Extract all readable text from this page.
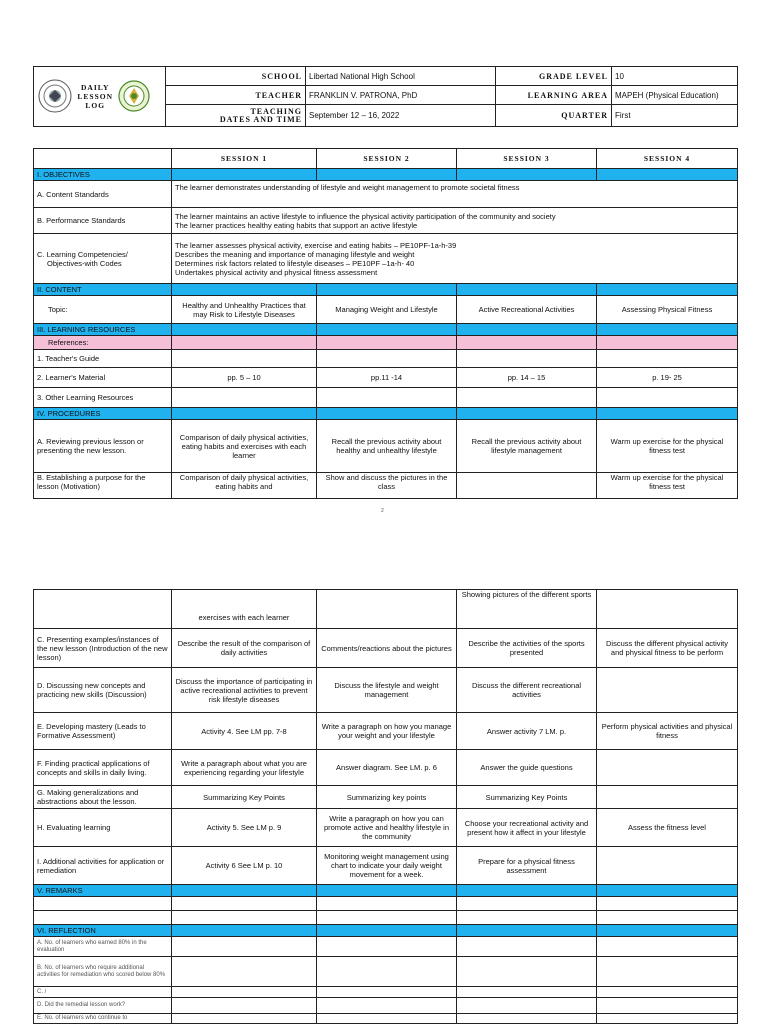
DAILY
LESSON
LOG	SCHOOL	Libertad National High School	GRADE LEVEL	10
	TEACHER	FRANKLIN V. PATRONA, PhD	LEARNING AREA	MAPEH (Physical Education)
	TEACHING
DATES AND TIME	September 12 – 16, 2022	QUARTER	First
	SESSION 1	SESSION 2	SESSION 3	SESSION 4
I. OBJECTIVES				
A. Content Standards	The learner demonstrates understanding of lifestyle and weight management to promote societal fitness			
B. Performance Standards	The learner maintains an active lifestyle to influence the physical activity participation of the community and society
The learner practices healthy eating habits that support an active lifestyle			
C. Learning Competencies/
Objectives-with Codes	The learner assesses physical activity, exercise and eating habits – PE10PF-1a-h-39
Describes the meaning and importance of managing lifestyle and weight
Determines risk factors related to lifestyle diseases – PE10PF –1a-h- 40
Undertakes physical activity and physical fitness assessment			
II. CONTENT				
Topic:	Healthy and Unhealthy Practices that may Risk to Lifestyle Diseases	Managing Weight and Lifestyle	Active Recreational Activities	Assessing Physical Fitness
III. LEARNING RESOURCES				
References:				
1. Teacher's Guide				
2. Learner's Material	pp. 5 – 10	pp.11 -14	pp. 14 – 15	p. 19- 25
3. Other Learning Resources				
IV. PROCEDURES				
A. Reviewing previous lesson or presenting the new lesson.	Comparison of daily physical activities, eating habits and exercises with each learner	Recall the previous activity about healthy and unhealthy lifestyle	Recall the previous activity about lifestyle management	Warm up exercise for the physical fitness test
B. Establishing a purpose for the lesson (Motivation)	Comparison of daily physical activities, eating habits and	Show and discuss the pictures in the class		Warm up exercise for the physical fitness test
2
	exercises with each learner		Showing pictures of the different sports	
C. Presenting examples/instances of the new lesson (Introduction of the new lesson)	Describe the result of the comparison of daily activities	Comments/reactions about the pictures	Describe the activities of the sports presented	Discuss the different physical activity and physical fitness to be perform
D. Discussing new concepts and practicing new skills (Discussion)	Discuss the importance of participating in active recreational activities to prevent risk lifestyle diseases	Discuss the lifestyle and weight management	Discuss the different recreational activities	
E. Developing mastery (Leads to Formative Assessment)	Activity 4. See LM pp. 7-8	Write a paragraph on how you manage your weight and your lifestyle	Answer activity 7 LM. p.	Perform physical activities and physical fitness
F. Finding practical applications of concepts and skills in daily living.	Write a paragraph about what you are experiencing regarding your lifestyle	Answer diagram. See LM. p. 6	Answer the guide questions	
G. Making generalizations and abstractions about the lesson.	Summarizing Key Points	Summarizing key points	Summarizing Key Points	
H. Evaluating learning	Activity 5. See LM p. 9	Write a paragraph on how you can promote active and healthy lifestyle in the community	Choose your recreational activity and present how it affect in your lifestyle	Assess the fitness level
I. Additional activities for application or remediation	Activity 6 See LM p. 10	Monitoring weight management using chart to indicate your daily weight movement for a week.	Prepare for a physical fitness assessment	
V. REMARKS				

VI. REFLECTION				
A. No. of learners who earned 80% in the evaluation				
B. No. of learners who require additional activities for remediation who scored below 80%				
C. /				
D. Did the remedial lesson work?				
E. No. of learners who continue to				
